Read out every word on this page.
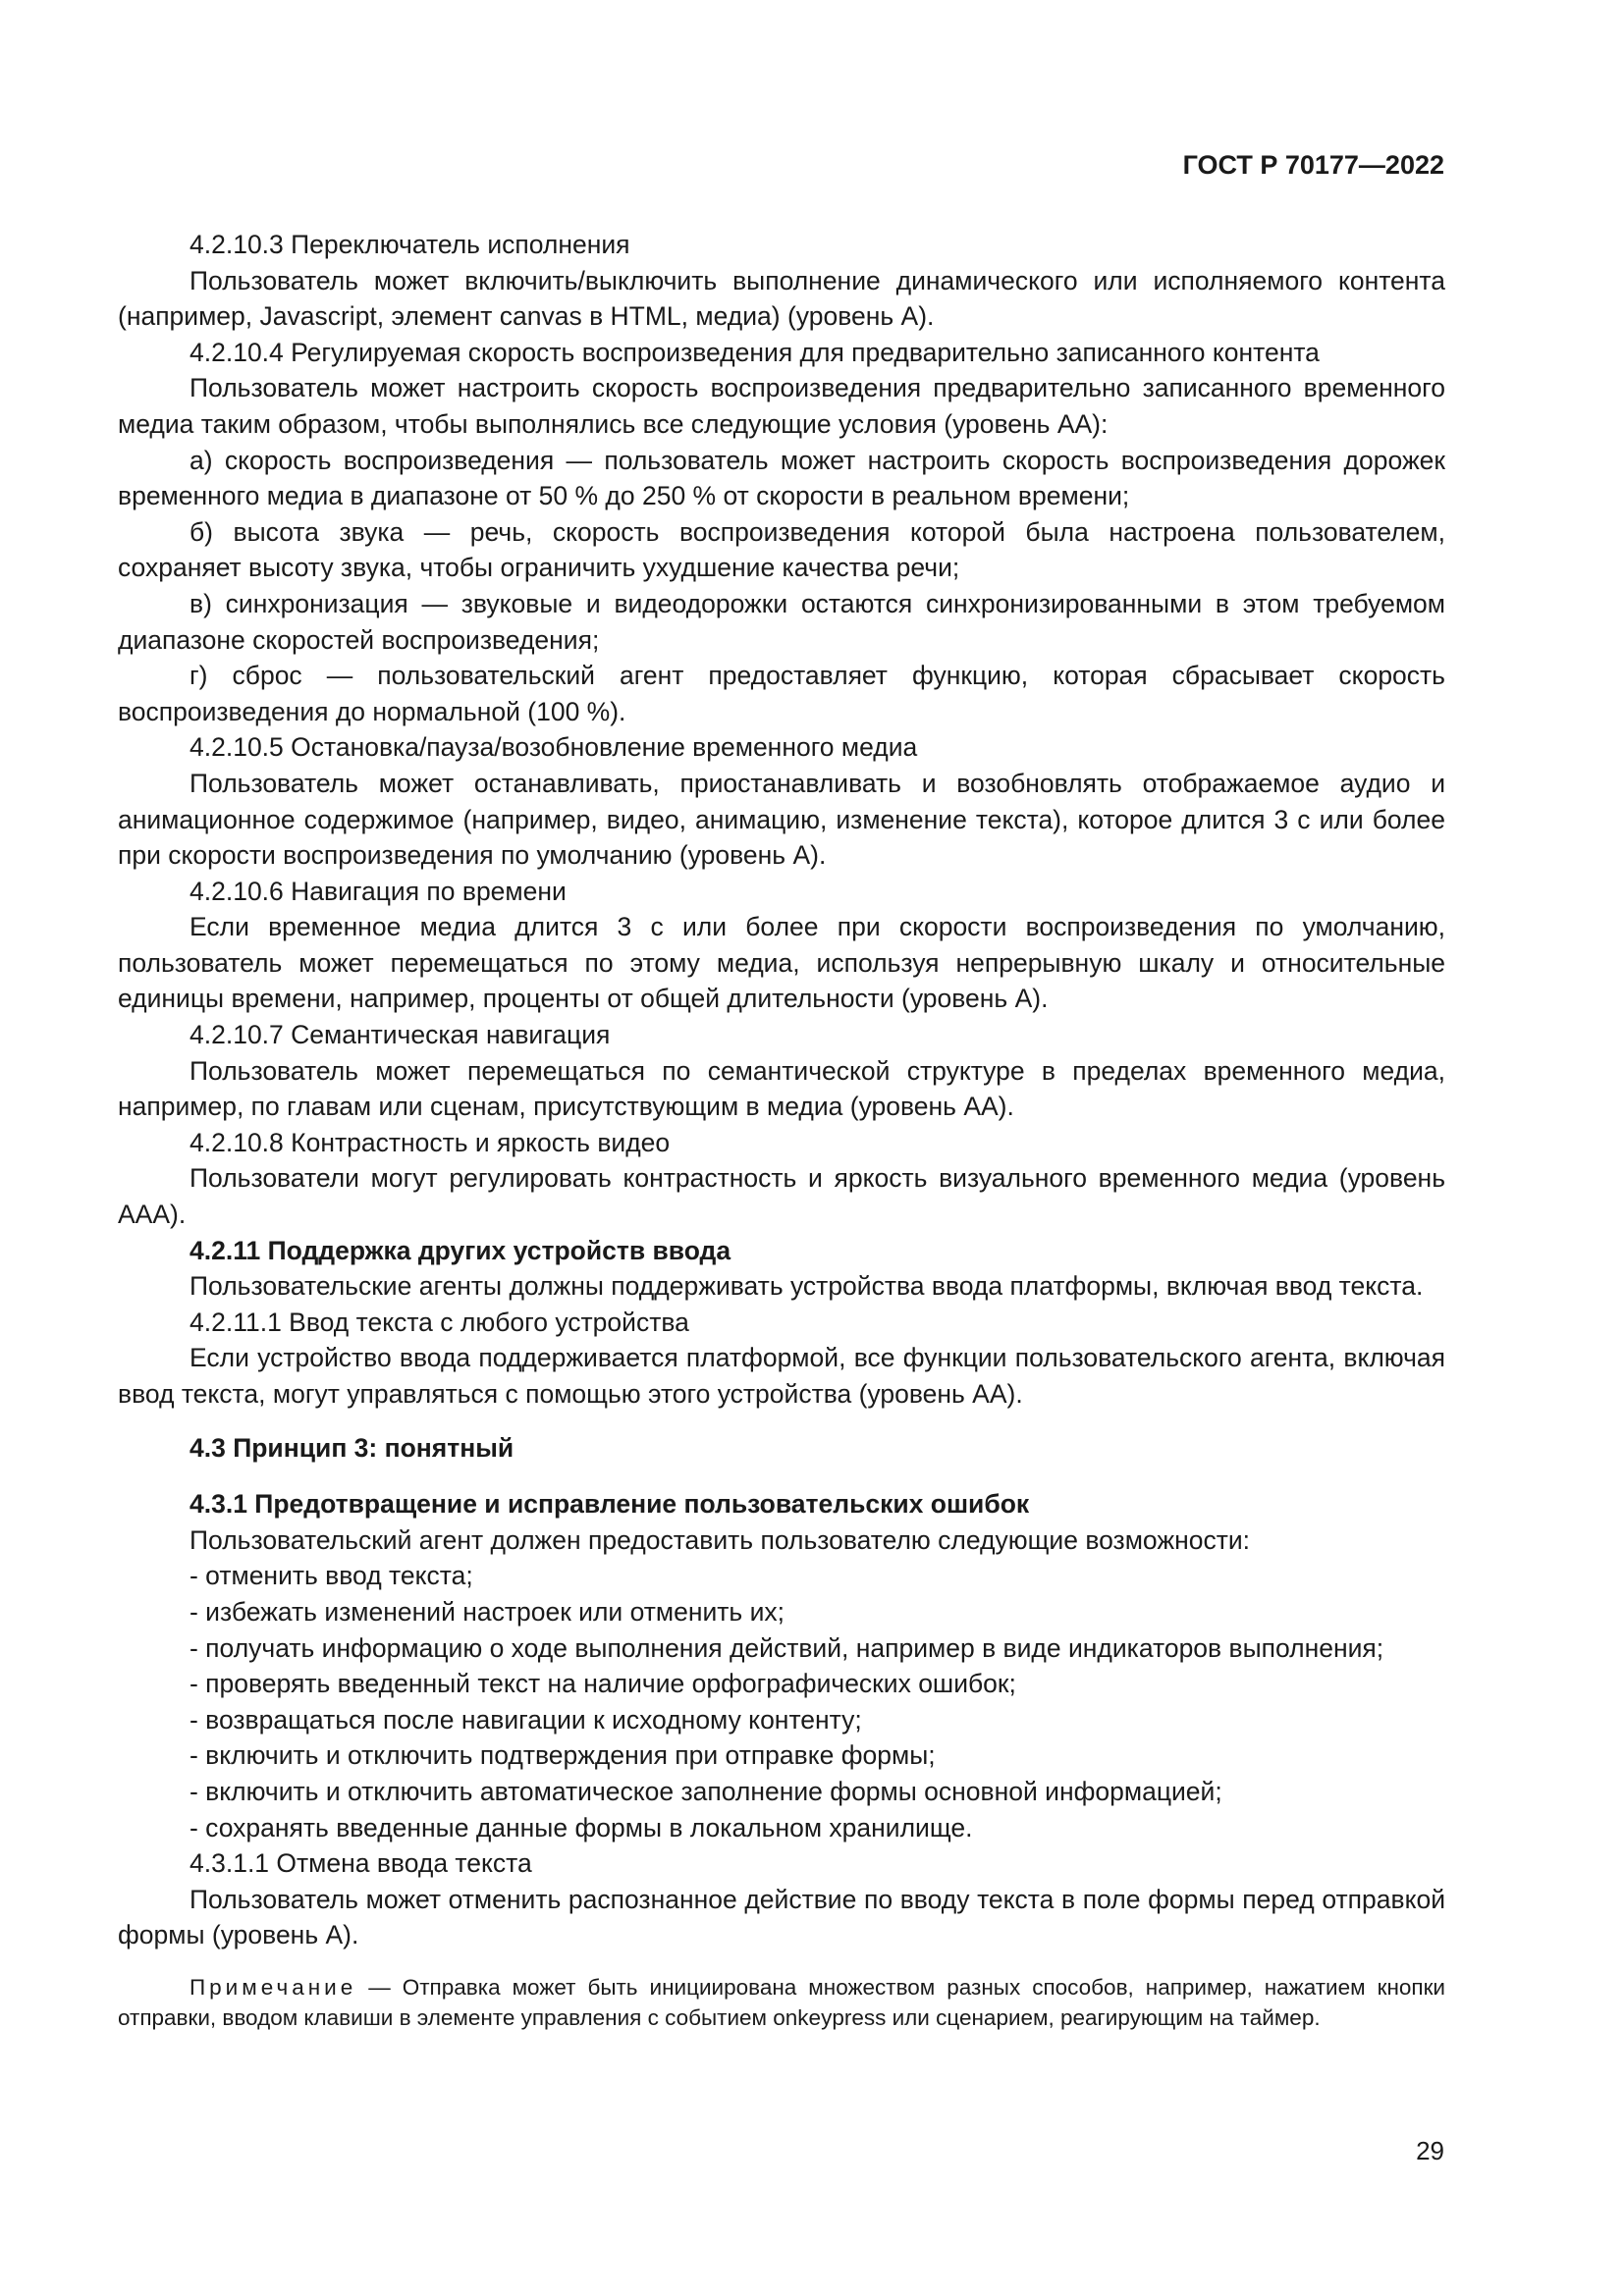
ГОСТ Р 70177—2022

4.2.10.3 Переключатель исполнения

Пользователь может включить/выключить выполнение динамического или исполняемого контента (например, Javascript, элемент canvas в HTML, медиа) (уровень А).

4.2.10.4 Регулируемая скорость воспроизведения для предварительно записанного контента

Пользователь может настроить скорость воспроизведения предварительно записанного временного медиа таким образом, чтобы выполнялись все следующие условия (уровень АА):

а) скорость воспроизведения — пользователь может настроить скорость воспроизведения дорожек временного медиа в диапазоне от 50 % до 250 % от скорости в реальном времени;

б) высота звука — речь, скорость воспроизведения которой была настроена пользователем, сохраняет высоту звука, чтобы ограничить ухудшение качества речи;

в) синхронизация — звуковые и видеодорожки остаются синхронизированными в этом требуемом диапазоне скоростей воспроизведения;

г) сброс — пользовательский агент предоставляет функцию, которая сбрасывает скорость воспроизведения до нормальной (100 %).

4.2.10.5 Остановка/пауза/возобновление временного медиа

Пользователь может останавливать, приостанавливать и возобновлять отображаемое аудио и анимационное содержимое (например, видео, анимацию, изменение текста), которое длится 3 с или более при скорости воспроизведения по умолчанию (уровень А).

4.2.10.6 Навигация по времени

Если временное медиа длится 3 с или более при скорости воспроизведения по умолчанию, пользователь может перемещаться по этому медиа, используя непрерывную шкалу и относительные единицы времени, например, проценты от общей длительности (уровень А).

4.2.10.7 Семантическая навигация

Пользователь может перемещаться по семантической структуре в пределах временного медиа, например, по главам или сценам, присутствующим в медиа (уровень АА).

4.2.10.8 Контрастность и яркость видео

Пользователи могут регулировать контрастность и яркость визуального временного медиа (уровень ААА).

4.2.11 Поддержка других устройств ввода

Пользовательские агенты должны поддерживать устройства ввода платформы, включая ввод текста.

4.2.11.1 Ввод текста с любого устройства

Если устройство ввода поддерживается платформой, все функции пользовательского агента, включая ввод текста, могут управляться с помощью этого устройства (уровень АА).

4.3 Принцип 3: понятный

4.3.1 Предотвращение и исправление пользовательских ошибок

Пользовательский агент должен предоставить пользователю следующие возможности:

- отменить ввод текста;

- избежать изменений настроек или отменить их;

- получать информацию о ходе выполнения действий, например в виде индикаторов выполнения;

- проверять введенный текст на наличие орфографических ошибок;

- возвращаться после навигации к исходному контенту;

- включить и отключить подтверждения при отправке формы;

- включить и отключить автоматическое заполнение формы основной информацией;

- сохранять введенные данные формы в локальном хранилище.

4.3.1.1 Отмена ввода текста

Пользователь может отменить распознанное действие по вводу текста в поле формы перед отправкой формы (уровень А).

Примечание — Отправка может быть инициирована множеством разных способов, например, нажатием кнопки отправки, вводом клавиши в элементе управления с событием onkeypress или сценарием, реагирующим на таймер.

29
